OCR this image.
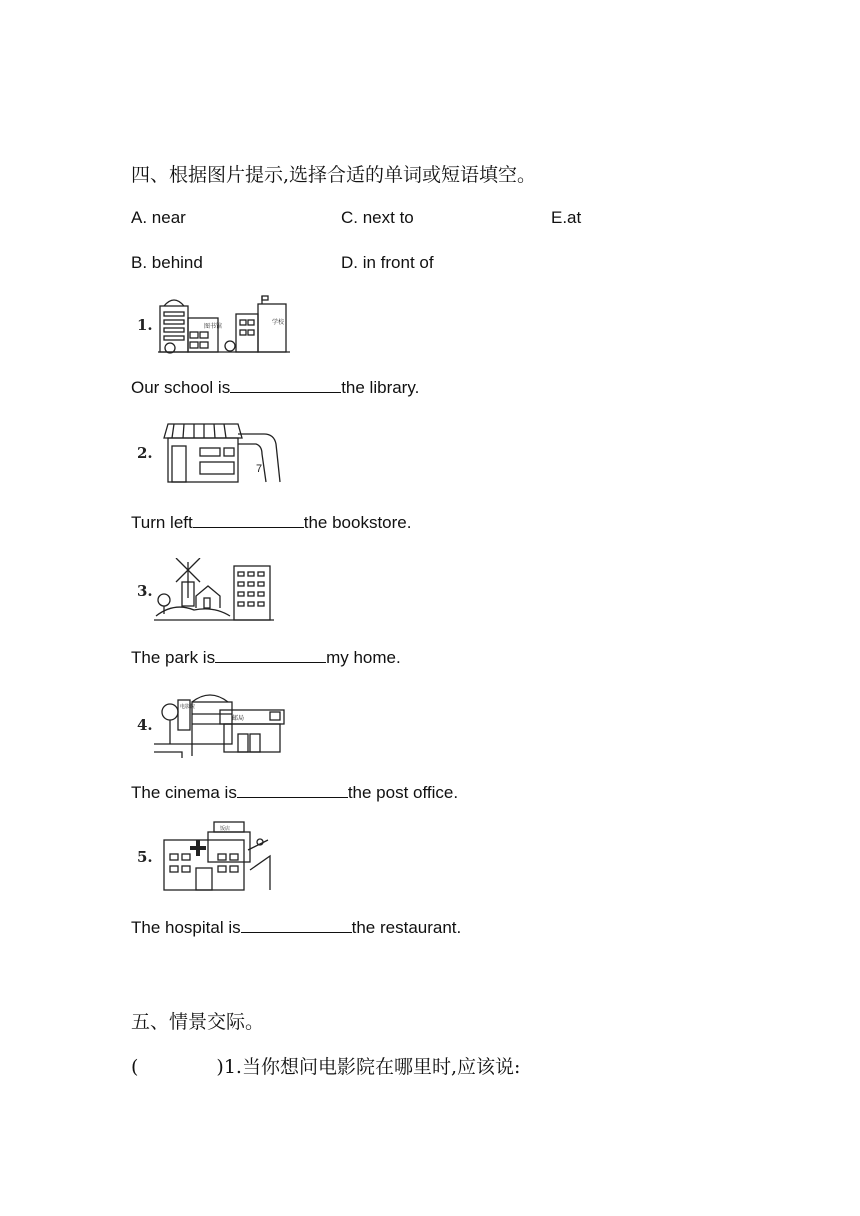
四、根据图片提示,选择合适的单词或短语填空。
A. near	C. next to	E.at
B. behind	D. in front of
1.	图书馆
学校
Our school is	the library.
2.
7
Turn left	the bookstore.
3.
The park is	my home.
4.
电影院
邮局
The cinema is	the post office.
5.
饭店
The hospital is	the restaurant.
五、情景交际。
(	)1.当你想问电影院在哪里时,应该说:
